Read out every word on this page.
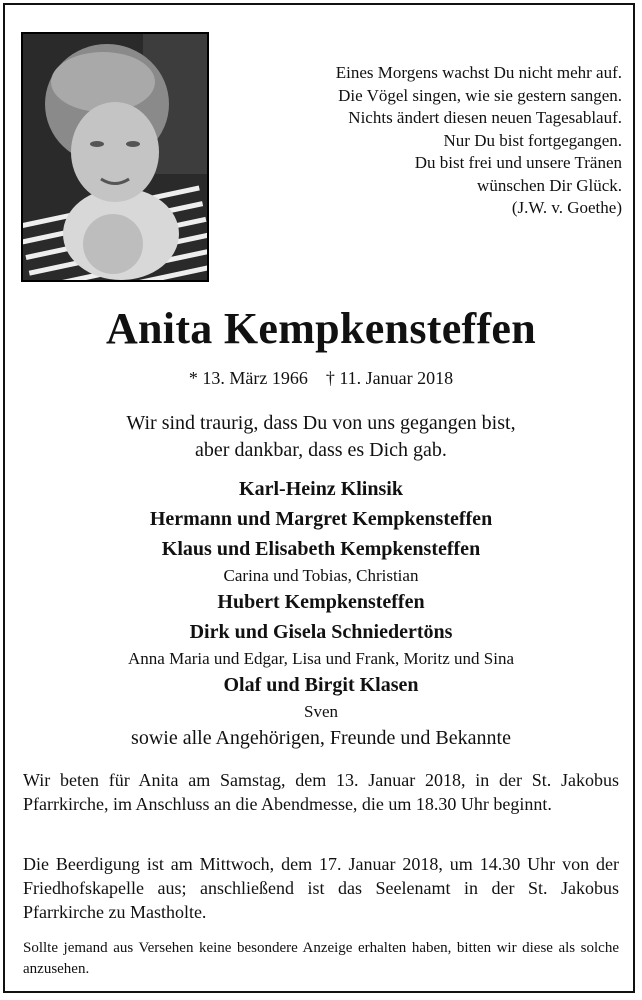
Eines Morgens wachst Du nicht mehr auf.
Die Vögel singen, wie sie gestern sangen.
Nichts ändert diesen neuen Tagesablauf.
Nur Du bist fortgegangen.
Du bist frei und unsere Tränen
wünschen Dir Glück.
(J.W. v. Goethe)
Anita Kempkensteffen
* 13. März 1966 † 11. Januar 2018
Wir sind traurig, dass Du von uns gegangen bist,
aber dankbar, dass es Dich gab.
Karl-Heinz Klinsik
Hermann und Margret Kempkensteffen
Klaus und Elisabeth Kempkensteffen
Carina und Tobias, Christian
Hubert Kempkensteffen
Dirk und Gisela Schniedertöns
Anna Maria und Edgar, Lisa und Frank, Moritz und Sina
Olaf und Birgit Klasen
Sven
sowie alle Angehörigen, Freunde und Bekannte
Wir beten für Anita am Samstag, dem 13. Januar 2018, in der St. Jakobus Pfarrkirche, im Anschluss an die Abendmesse, die um 18.30 Uhr beginnt.
Die Beerdigung ist am Mittwoch, dem 17. Januar 2018, um 14.30 Uhr von der Friedhofskapelle aus; anschließend ist das Seelenamt in der St. Jakobus Pfarrkirche zu Mastholte.
Sollte jemand aus Versehen keine besondere Anzeige erhalten haben, bitten wir diese als solche anzusehen.
